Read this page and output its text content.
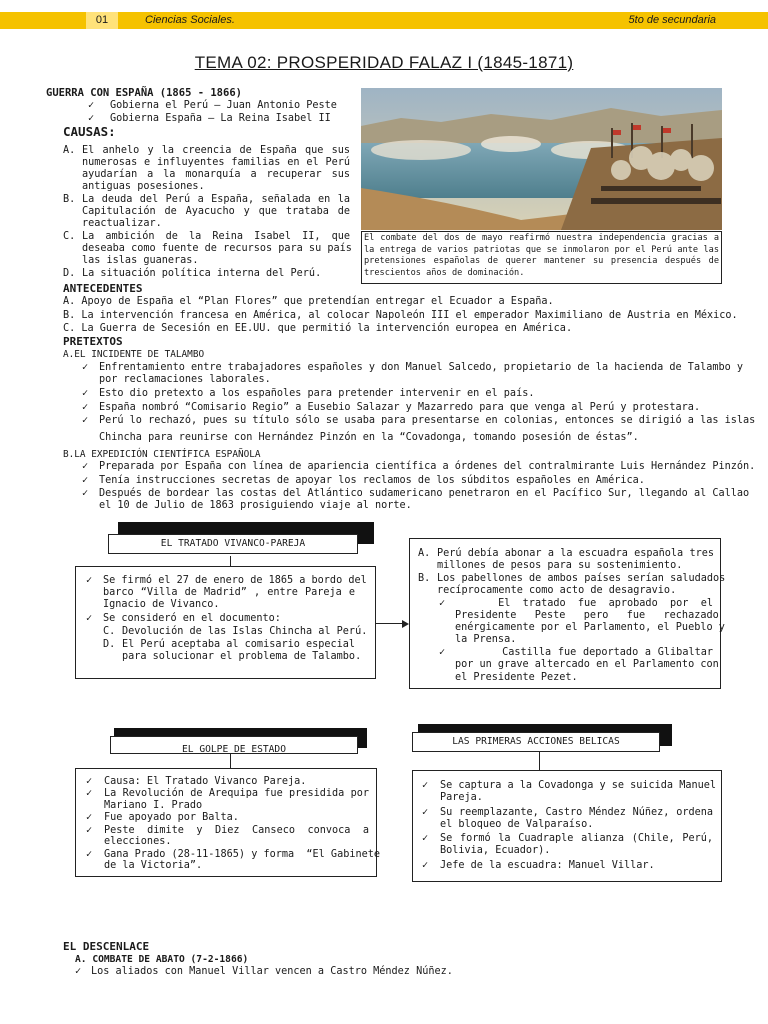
01	Ciencias Sociales.	5to de secundaria
TEMA 02: PROSPERIDAD FALAZ I (1845-1871)
GUERRA CON ESPAÑA (1865 - 1866)
✓ Gobierna el Perú – Juan Antonio Peste
✓ Gobierna España – La Reina Isabel II
CAUSAS:
A. El anhelo y la creencia de España que sus
numerosas e influyentes familias en el Perú
ayudarían a la monarquía a recuperar sus
antiguas posesiones.
B. La deuda del Perú a España, señalada en la
Capitulación de Ayacucho y que trataba de
reactualizar.
C. La ambición de la Reina Isabel II, que
deseaba como fuente de recursos para su país
las islas guaneras.
D. La situación política interna del Perú.
El combate del dos de mayo reafirmó nuestra independencia gracias a la entrega de varios patriotas que se inmolaron por el Perú ante las pretensiones españolas de querer mantener su presencia después de trescientos años de dominación.
ANTECEDENTES
A. Apoyo de España el “Plan Flores” que pretendían entregar el Ecuador a España.
B. La intervención francesa en América, al colocar Napoleón III el emperador Maximiliano de Austria en México.
C. La Guerra de Secesión en EE.UU. que permitió la intervención europea en América.
PRETEXTOS
A.EL INCIDENTE DE TALAMBO
✓ Enfrentamiento entre trabajadores españoles y don Manuel Salcedo, propietario de la hacienda de Talambo y
por reclamaciones laborales.
✓ Esto dio pretexto a los españoles para pretender intervenir en el país.
✓ España nombró “Comisario Regio” a Eusebio Salazar y Mazarredo para que venga al Perú y protestara.
✓ Perú lo rechazó, pues su título sólo se usaba para presentarse en colonias, entonces se dirigió a las islas
Chincha para reunirse con Hernández Pinzón en la “Covadonga, tomando posesión de éstas”.
B.LA EXPEDICIÓN CIENTÍFICA ESPAÑOLA
✓ Preparada por España con línea de apariencia científica a órdenes del contralmirante Luis Hernández Pinzón.
✓ Tenía instrucciones secretas de apoyar los reclamos de los súbditos españoles en América.
✓ Después de bordear las costas del Atlántico sudamericano penetraron en el Pacífico Sur, llegando al Callao
el 10 de Julio de 1863 prosiguiendo viaje al norte.
EL TRATADO VIVANCO-PAREJA
✓ Se firmó el 27 de enero de 1865 a bordo del
barco “Villa de Madrid” , entre Pareja e
Ignacio de Vivanco.
✓ Se consideró en el documento:
C. Devolución de las Islas Chincha al Perú.
D. El Perú aceptaba al comisario especial
para solucionar el problema de Talambo.
A. Perú debía abonar a la escuadra española tres
millones de pesos para su sostenimiento.
B. Los pabellones de ambos países serían saludados
recíprocamente como acto de desagravio.
✓ El  tratado  fue  aprobado  por  el
Presidente   Peste   pero   fue   rechazado
enérgicamente por el Parlamento, el Pueblo y
la Prensa.
✓ Castilla fue deportado a Glibaltar
por un grave altercado en el Parlamento con
el Presidente Pezet.
EL GOLPE DE ESTADO
✓ Causa: El Tratado Vivanco Pareja.
✓ La Revolución de Arequipa fue presidida por
Mariano I. Prado
✓ Fue apoyado por Balta.
✓ Peste  dimite  y  Diez  Canseco  convoca  a
elecciones.
✓ Gana Prado (28-11-1865) y forma  “El Gabinete
de la Victoria”.
LAS PRIMERAS ACCIONES BELICAS
✓ Se captura a la Covadonga y se suicida Manuel
Pareja.
✓ Su reemplazante, Castro Méndez Núñez, ordena
el bloqueo de Valparaíso.
✓ Se formó la Cuadraple alianza (Chile, Perú,
Bolivia, Ecuador).
✓ Jefe de la escuadra: Manuel Villar.
EL DESCENLACE
A. COMBATE DE ABATO (7-2-1866)
✓ Los aliados con Manuel Villar vencen a Castro Méndez Núñez.
